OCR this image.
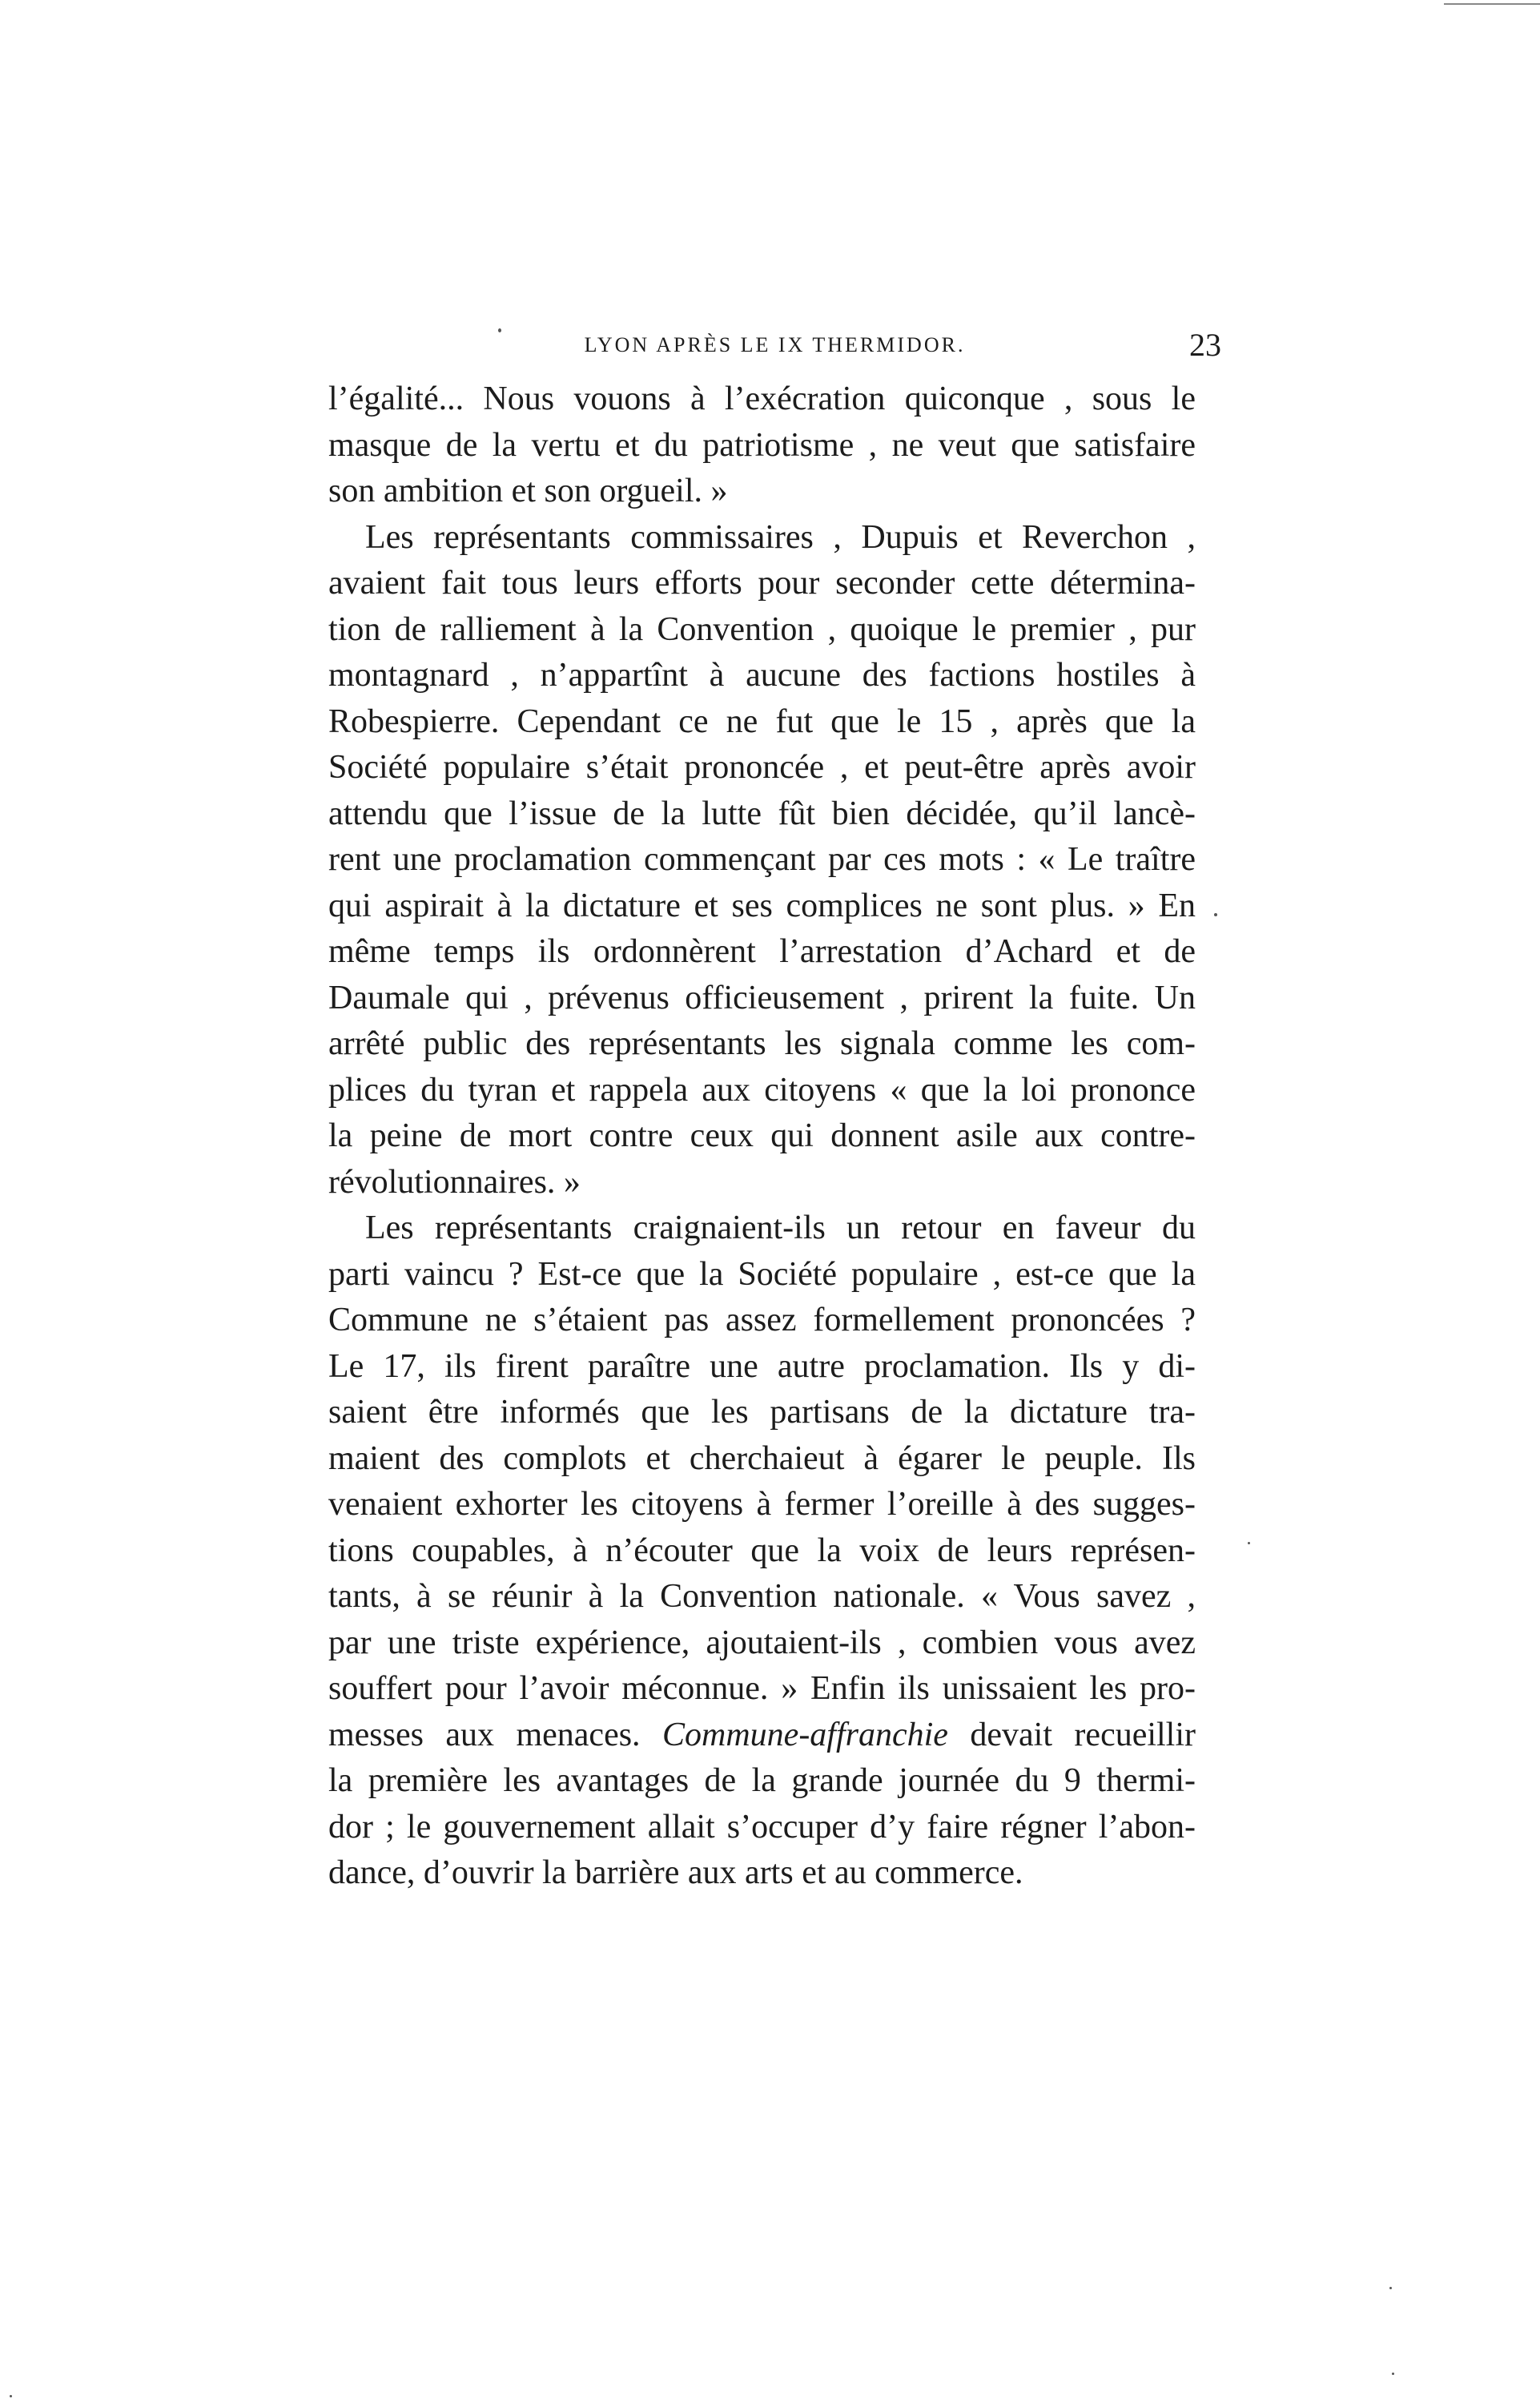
LYON APRÈS LE IX THERMIDOR.	23
l’égalité... Nous vouons à l’exécration quiconque , sous le
masque de la vertu et du patriotisme , ne veut que satisfaire
son ambition et son orgueil. »
Les représentants commissaires , Dupuis et Reverchon ,
avaient fait tous leurs efforts pour seconder cette détermina-
tion de ralliement à la Convention , quoique le premier , pur
montagnard , n’appartînt à aucune des factions hostiles à
Robespierre. Cependant ce ne fut que le 15 , après que la
Société populaire s’était prononcée , et peut-être après avoir
attendu que l’issue de la lutte fût bien décidée, qu’il lancè-
rent une proclamation commençant par ces mots : « Le traître
qui aspirait à la dictature et ses complices ne sont plus. » En
même temps ils ordonnèrent l’arrestation d’Achard et de
Daumale qui , prévenus officieusement , prirent la fuite. Un
arrêté public des représentants les signala comme les com-
plices du tyran et rappela aux citoyens « que la loi prononce
la peine de mort contre ceux qui donnent asile aux contre-
révolutionnaires. »
Les représentants craignaient-ils un retour en faveur du
parti vaincu ? Est-ce que la Société populaire , est-ce que la
Commune ne s’étaient pas assez formellement prononcées ?
Le 17, ils firent paraître une autre proclamation. Ils y di-
saient être informés que les partisans de la dictature tra-
maient des complots et cherchaieut à égarer le peuple. Ils
venaient exhorter les citoyens à fermer l’oreille à des sugges-
tions coupables, à n’écouter que la voix de leurs représen-
tants, à se réunir à la Convention nationale. « Vous savez ,
par une triste expérience, ajoutaient-ils , combien vous avez
souffert pour l’avoir méconnue. » Enfin ils unissaient les pro-
messes aux menaces. Commune-affranchie devait recueillir
la première les avantages de la grande journée du 9 thermi-
dor ; le gouvernement allait s’occuper d’y faire régner l’abon-
dance, d’ouvrir la barrière aux arts et au commerce.
